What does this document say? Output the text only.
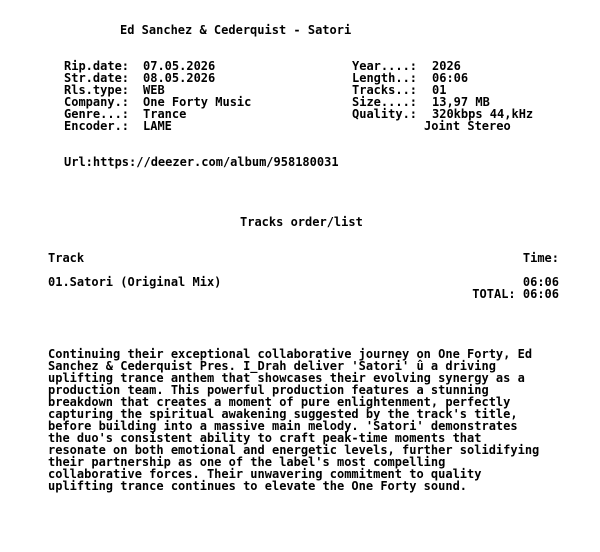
Ed Sanchez & Cederquist - Satori
Rip.date: 07.05.2026
Str.date: 08.05.2026
Rls.type: WEB
Company.: One Forty Music
Genre...: Trance
Encoder.: LAME
Year....: 2026
Length..: 06:06
Tracks..: 01
Size....: 13,97 MB
Quality.: 320kbps 44,kHz
Joint Stereo
Url:https://deezer.com/album/958180031
Tracks order/list
Track	Time:
01.Satori (Original Mix)	06:06
TOTAL: 06:06
Continuing their exceptional collaborative journey on One Forty, Ed
Sanchez & Cederquist Pres. I_Drah deliver 'Satori' û a driving
uplifting trance anthem that showcases their evolving synergy as a
production team. This powerful production features a stunning
breakdown that creates a moment of pure enlightenment, perfectly
capturing the spiritual awakening suggested by the track's title,
before building into a massive main melody. 'Satori' demonstrates
the duo's consistent ability to craft peak-time moments that
resonate on both emotional and energetic levels, further solidifying
their partnership as one of the label's most compelling
collaborative forces. Their unwavering commitment to quality
uplifting trance continues to elevate the One Forty sound.
